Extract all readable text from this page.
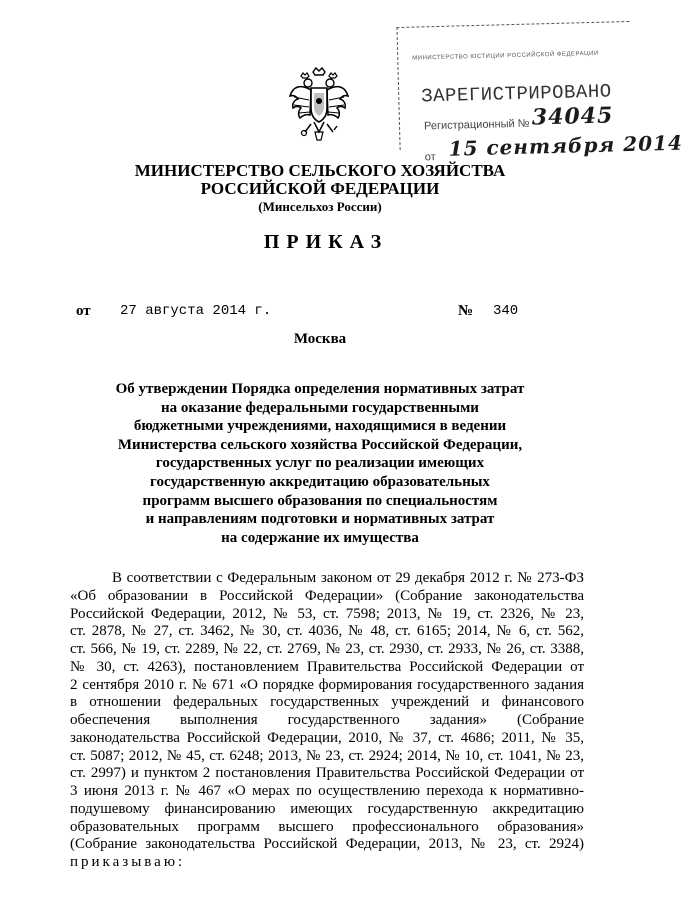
МИНИСТЕРСТВО ЮСТИЦИИ РОССИЙСКОЙ ФЕДЕРАЦИИ
ЗАРЕГИСТРИРОВАНО
Регистрационный № 34045
от 15 сентября 2014
МИНИСТЕРСТВО СЕЛЬСКОГО ХОЗЯЙСТВА
РОССИЙСКОЙ ФЕДЕРАЦИИ
(Минсельхоз России)
ПРИКАЗ
от 27 августа 2014 г.	№ 340
Москва
Об утверждении Порядка определения нормативных затрат
на оказание федеральными государственными
бюджетными учреждениями, находящимися в ведении
Министерства сельского хозяйства Российской Федерации,
государственных услуг по реализации имеющих
государственную аккредитацию образовательных
программ высшего образования по специальностям
и направлениям подготовки и нормативных затрат
на содержание их имущества
В соответствии с Федеральным законом от 29 декабря 2012 г. № 273-ФЗ
«Об образовании в Российской Федерации» (Собрание законодательства
Российской Федерации, 2012, № 53, ст. 7598; 2013, № 19, ст. 2326, № 23,
ст. 2878, № 27, ст. 3462, № 30, ст. 4036, № 48, ст. 6165; 2014, № 6, ст. 562,
ст. 566, № 19, ст. 2289, № 22, ст. 2769, № 23, ст. 2930, ст. 2933, № 26, ст. 3388,
№ 30, ст. 4263), постановлением Правительства Российской Федерации от
2 сентября 2010 г. № 671 «О порядке формирования государственного задания
в отношении федеральных государственных учреждений и финансового
обеспечения выполнения государственного задания» (Собрание
законодательства Российской Федерации, 2010, № 37, ст. 4686; 2011, № 35,
ст. 5087; 2012, № 45, ст. 6248; 2013, № 23, ст. 2924; 2014, № 10, ст. 1041, № 23,
ст. 2997) и пунктом 2 постановления Правительства Российской Федерации от
3 июня 2013 г. № 467 «О мерах по осуществлению перехода к нормативно-
подушевому финансированию имеющих государственную аккредитацию
образовательных программ высшего профессионального образования»
(Собрание законодательства Российской Федерации, 2013, № 23, ст. 2924)
приказываю:
